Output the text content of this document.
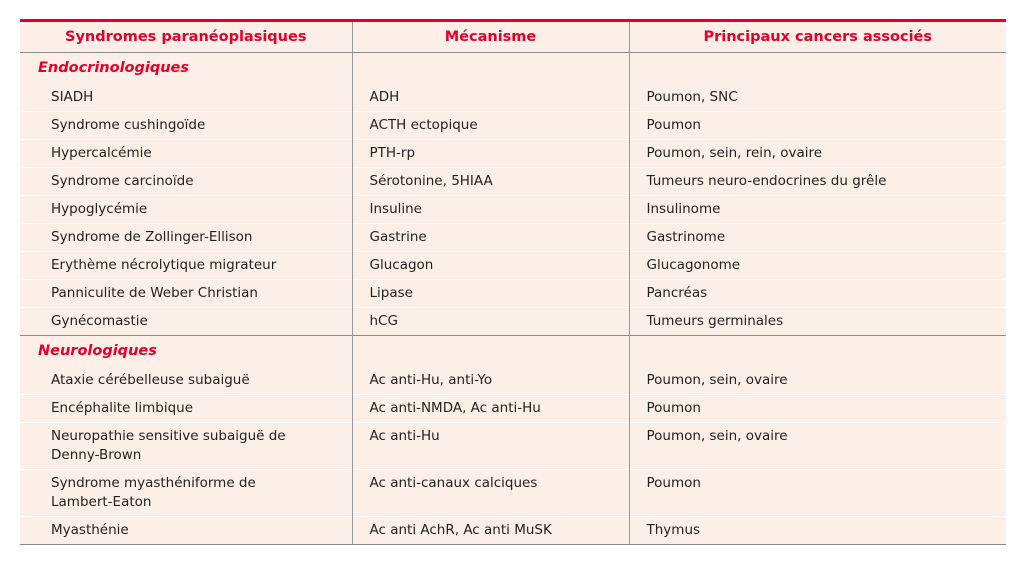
Syndromes paranéoplasiques	Mécanisme	Principaux cancers associés
Endocrinologiques		
SIADH	ADH	Poumon, SNC
Syndrome cushingoïde	ACTH ectopique	Poumon
Hypercalcémie	PTH-rp	Poumon, sein, rein, ovaire
Syndrome carcinoïde	Sérotonine, 5HIAA	Tumeurs neuro-endocrines du grêle
Hypoglycémie	Insuline	Insulinome
Syndrome de Zollinger-Ellison	Gastrine	Gastrinome
Erythème nécrolytique migrateur	Glucagon	Glucagonome
Panniculite de Weber Christian	Lipase	Pancréas
Gynécomastie	hCG	Tumeurs germinales
Neurologiques		
Ataxie cérébelleuse subaiguë	Ac anti-Hu, anti-Yo	Poumon, sein, ovaire
Encéphalite limbique	Ac anti-NMDA, Ac anti-Hu	Poumon
Neuropathie sensitive subaiguë de Denny-Brown	Ac anti-Hu	Poumon, sein, ovaire
Syndrome myasthéniforme de Lambert-Eaton	Ac anti-canaux calciques	Poumon
Myasthénie	Ac anti AchR, Ac anti MuSK	Thymus
